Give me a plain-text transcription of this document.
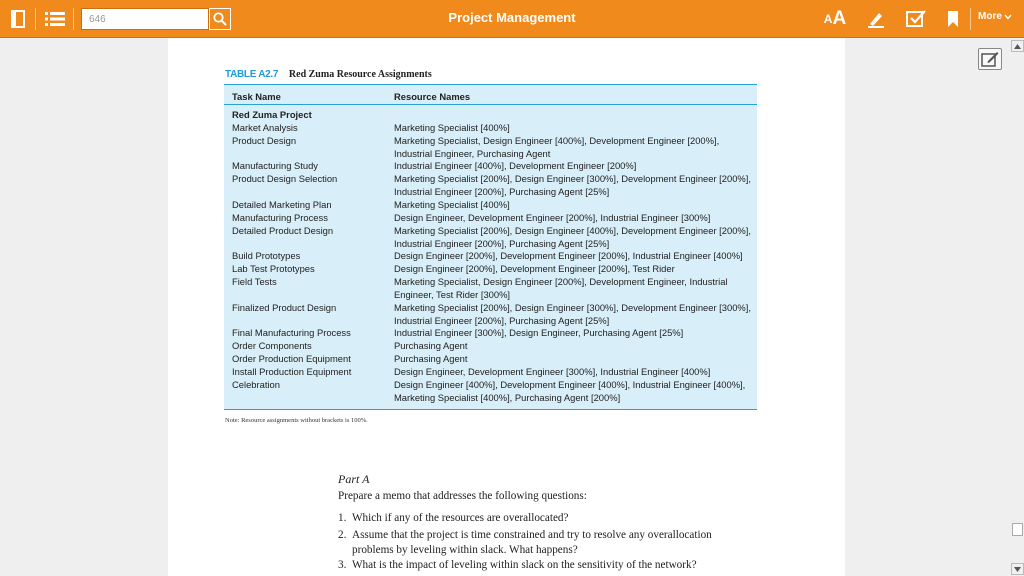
646
Project Management	A A	More
TABLE A2.7 Red Zuma Resource Assignments
Task Name	Resource Names
Red Zuma Project
Market Analysis	Marketing Specialist [400%]
Product Design	Marketing Specialist, Design Engineer [400%], Development Engineer [200%],
Industrial Engineer, Purchasing Agent
Manufacturing Study	Industrial Engineer [400%], Development Engineer [200%]
Product Design Selection	Marketing Specialist [200%], Design Engineer [300%], Development Engineer [200%],
Industrial Engineer [200%], Purchasing Agent [25%]
Detailed Marketing Plan	Marketing Specialist [400%]
Manufacturing Process	Design Engineer, Development Engineer [200%], Industrial Engineer [300%]
Detailed Product Design	Marketing Specialist [200%], Design Engineer [400%], Development Engineer [200%],
Industrial Engineer [200%], Purchasing Agent [25%]
Build Prototypes	Design Engineer [200%], Development Engineer [200%], Industrial Engineer [400%]
Lab Test Prototypes	Design Engineer [200%], Development Engineer [200%], Test Rider
Field Tests	Marketing Specialist, Design Engineer [200%], Development Engineer, Industrial
Engineer, Test Rider [300%]
Finalized Product Design	Marketing Specialist [200%], Design Engineer [300%], Development Engineer [300%],
Industrial Engineer [200%], Purchasing Agent [25%]
Final Manufacturing Process	Industrial Engineer [300%], Design Engineer, Purchasing Agent [25%]
Order Components	Purchasing Agent
Order Production Equipment	Purchasing Agent
Install Production Equipment	Design Engineer, Development Engineer [300%], Industrial Engineer [400%]
Celebration	Design Engineer [400%], Development Engineer [400%], Industrial Engineer [400%],
Marketing Specialist [400%], Purchasing Agent [200%]
Note: Resource assignments without brackets is 100%.
Part A
Prepare a memo that addresses the following questions:
1. Which if any of the resources are overallocated?
2. Assume that the project is time constrained and try to resolve any overallocation
problems by leveling within slack. What happens?
3. What is the impact of leveling within slack on the sensitivity of the network?
